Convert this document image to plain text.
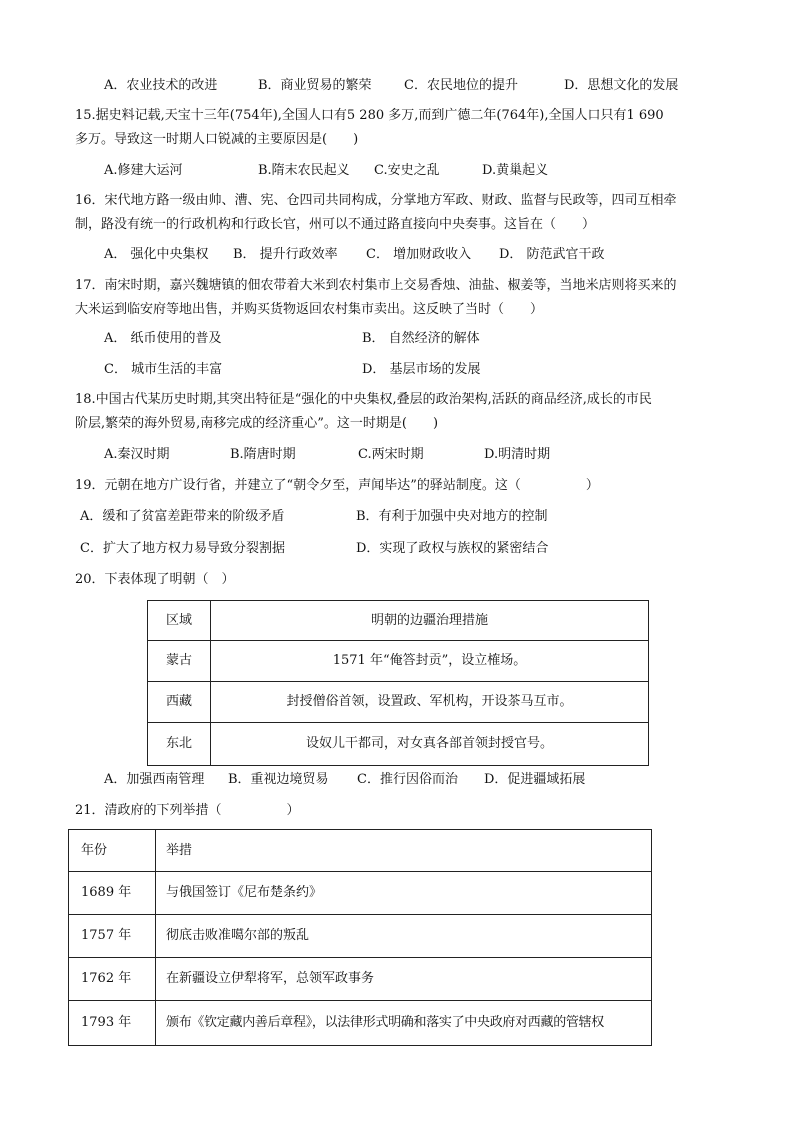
A．农业技术的改进	B．商业贸易的繁荣 C．农民地位的提升	D．思想文化的发展
15.据史料记载,天宝十三年(754年),全国人口有5 280 多万,而到广德二年(764年),全国人口只有1 690
多万。导致这一时期人口锐减的主要原因是(　　)
A.修建大运河	B.隋末农民起义 C.安史之乱	D.黄巢起义
16．宋代地方路一级由帅、漕、宪、仓四司共同构成，分掌地方军政、财政、监督与民政等，四司互相牵
制，路没有统一的行政机构和行政长官，州可以不通过路直接向中央奏事。这旨在（　　）
A． 强化中央集权 B． 提升行政效率 C． 增加财政收入 D． 防范武官干政
17．南宋时期，嘉兴魏塘镇的佃农带着大米到农村集市上交易香烛、油盐、椒姜等，当地米店则将买来的
大米运到临安府等地出售，并购买货物返回农村集市卖出。这反映了当时（　　）
A． 纸币使用的普及	B． 自然经济的解体
C． 城市生活的丰富	D． 基层市场的发展
18.中国古代某历史时期,其突出特征是“强化的中央集权,叠层的政治架构,活跃的商品经济,成长的市民
阶层,繁荣的海外贸易,南移完成的经济重心”。这一时期是(　　)
A.秦汉时期	B.隋唐时期	C.两宋时期	D.明清时期
19．元朝在地方广设行省，并建立了“朝令夕至，声闻毕达”的驿站制度。这（　　　　　）
A．缓和了贫富差距带来的阶级矛盾	B．有利于加强中央对地方的控制
C．扩大了地方权力易导致分裂割据	D．实现了政权与族权的紧密结合
20．下表体现了明朝（　）
区域	明朝的边疆治理措施
蒙古	1571 年“俺答封贡”，设立榷场。
西藏	封授僧俗首领，设置政、军机构，开设茶马互市。
东北	设奴儿干都司，对女真各部首领封授官号。
A．加强西南管理 B．重视边境贸易 C．推行因俗而治 D．促进疆域拓展
21．清政府的下列举措（　　　　　）
年份	举措
1689 年	与俄国签订《尼布楚条约》
1757 年	彻底击败准噶尔部的叛乱
1762 年	在新疆设立伊犁将军，总领军政事务
1793 年	颁布《钦定藏内善后章程》，以法律形式明确和落实了中央政府对西藏的管辖权
